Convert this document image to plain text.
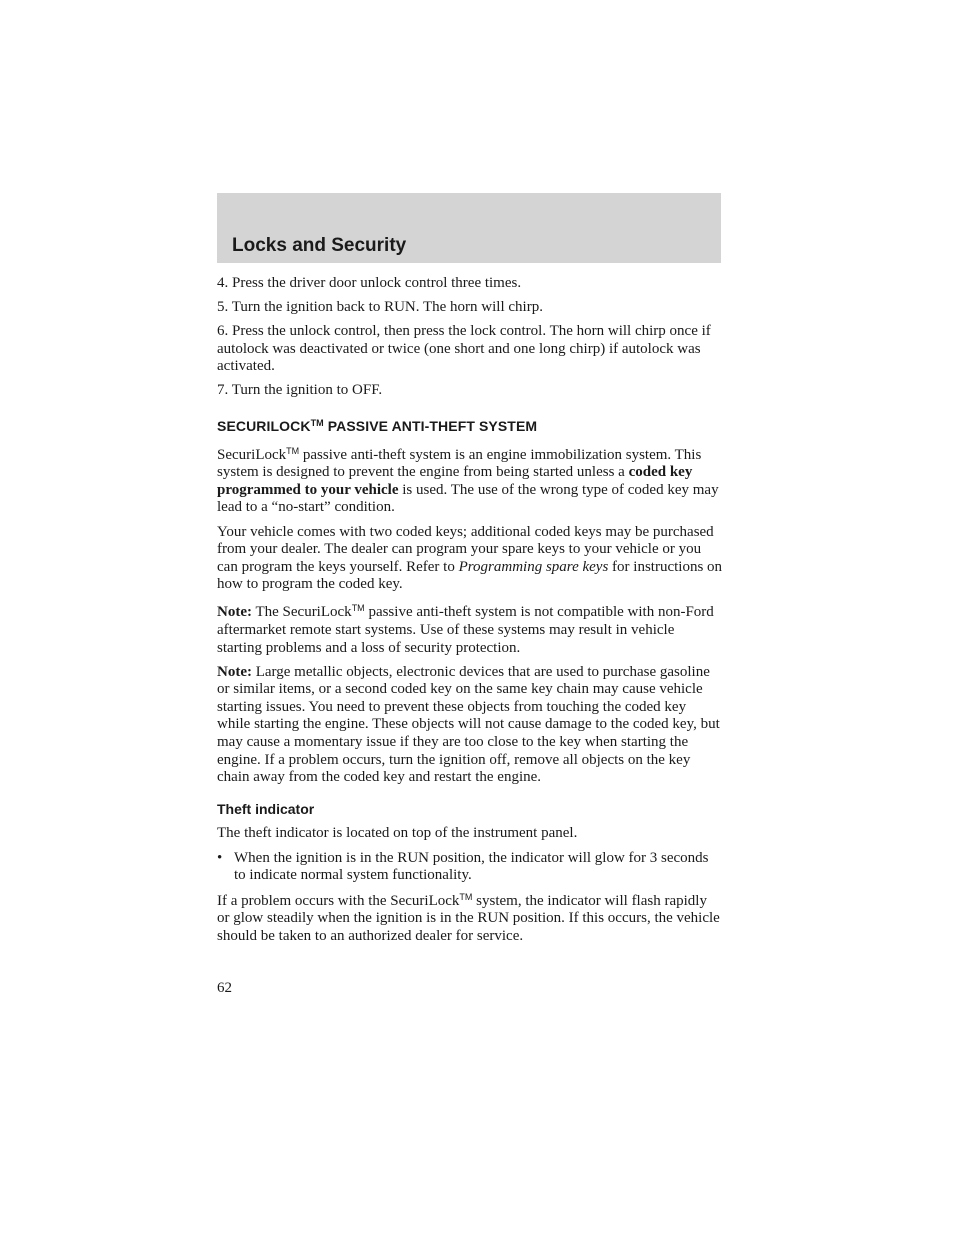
Locks and Security
4. Press the driver door unlock control three times.
5. Turn the ignition back to RUN. The horn will chirp.
6. Press the unlock control, then press the lock control. The horn will chirp once if autolock was deactivated or twice (one short and one long chirp) if autolock was activated.
7. Turn the ignition to OFF.
SECURILOCK™ PASSIVE ANTI-THEFT SYSTEM

SecuriLock™ passive anti-theft system is an engine immobilization system. This system is designed to prevent the engine from being started unless a coded key programmed to your vehicle is used. The use of the wrong type of coded key may lead to a “no-start” condition.

Your vehicle comes with two coded keys; additional coded keys may be purchased from your dealer. The dealer can program your spare keys to your vehicle or you can program the keys yourself. Refer to Programming spare keys for instructions on how to program the coded key.

Note: The SecuriLock™ passive anti-theft system is not compatible with non-Ford aftermarket remote start systems. Use of these systems may result in vehicle starting problems and a loss of security protection.

Note: Large metallic objects, electronic devices that are used to purchase gasoline or similar items, or a second coded key on the same key chain may cause vehicle starting issues. You need to prevent these objects from touching the coded key while starting the engine. These objects will not cause damage to the coded key, but may cause a momentary issue if they are too close to the key when starting the engine. If a problem occurs, turn the ignition off, remove all objects on the key chain away from the coded key and restart the engine.

Theft indicator

The theft indicator is located on top of the instrument panel.

• When the ignition is in the RUN position, the indicator will glow for 3 seconds to indicate normal system functionality.

If a problem occurs with the SecuriLock™ system, the indicator will flash rapidly or glow steadily when the ignition is in the RUN position. If this occurs, the vehicle should be taken to an authorized dealer for service.

62
